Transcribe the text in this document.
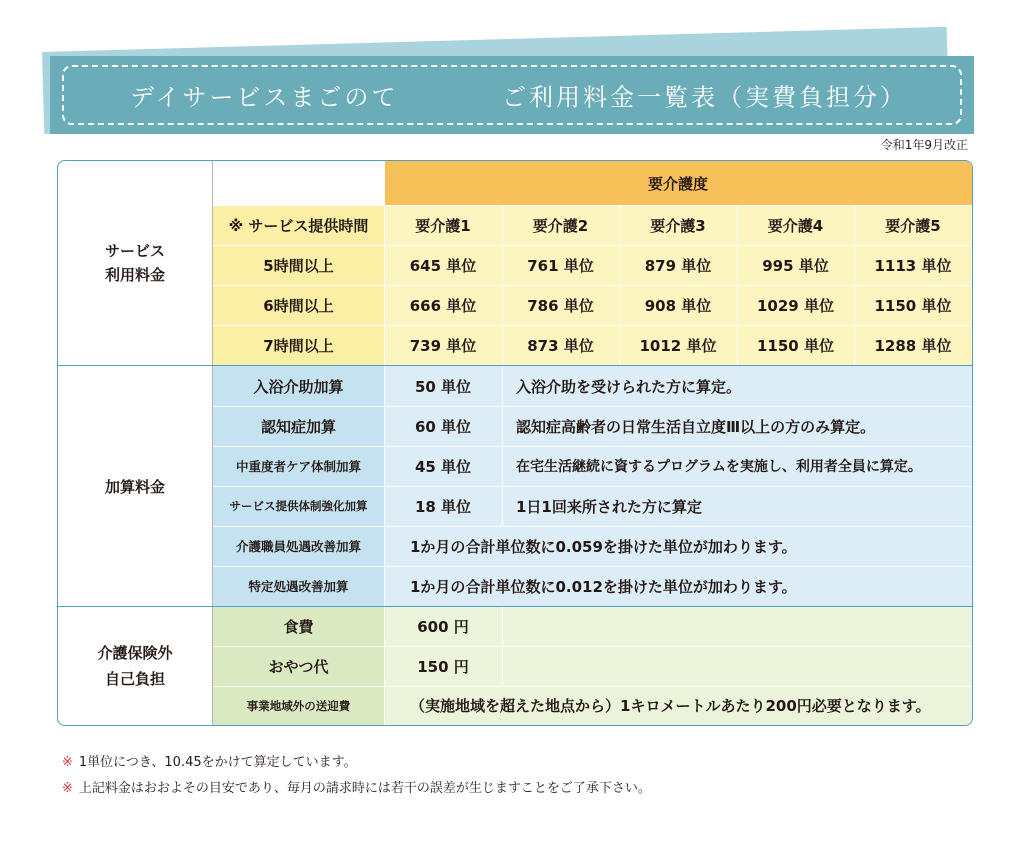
デイサービスまごのて	ご利用料金一覧表（実費負担分）
令和1年9月改正
サービス
利用料金
要介護度
※ サービス提供時間	要介護1	要介護2	要介護3	要介護4	要介護5
5時間以上	645 単位	761 単位	879 単位	995 単位	1113 単位
6時間以上	666 単位	786 単位	908 単位	1029 単位	1150 単位
7時間以上	739 単位	873 単位	1012 単位	1150 単位	1288 単位
加算料金
入浴介助加算	50 単位	入浴介助を受けられた方に算定。
認知症加算	60 単位	認知症高齢者の日常生活自立度Ⅲ以上の方のみ算定。
中重度者ケア体制加算	45 単位	在宅生活継続に資するプログラムを実施し、利用者全員に算定。
サービス提供体制強化加算	18 単位	1日1回来所された方に算定
介護職員処遇改善加算	1か月の合計単位数に0.059を掛けた単位が加わります。
特定処遇改善加算	1か月の合計単位数に0.012を掛けた単位が加わります。
介護保険外
自己負担
食費	600 円
おやつ代	150 円
事業地域外の送迎費	（実施地域を超えた地点から）1キロメートルあたり200円必要となります。
※ 1単位につき、10.45をかけて算定しています。
※ 上記料金はおおよその目安であり、毎月の請求時には若干の誤差が生じますことをご了承下さい。
